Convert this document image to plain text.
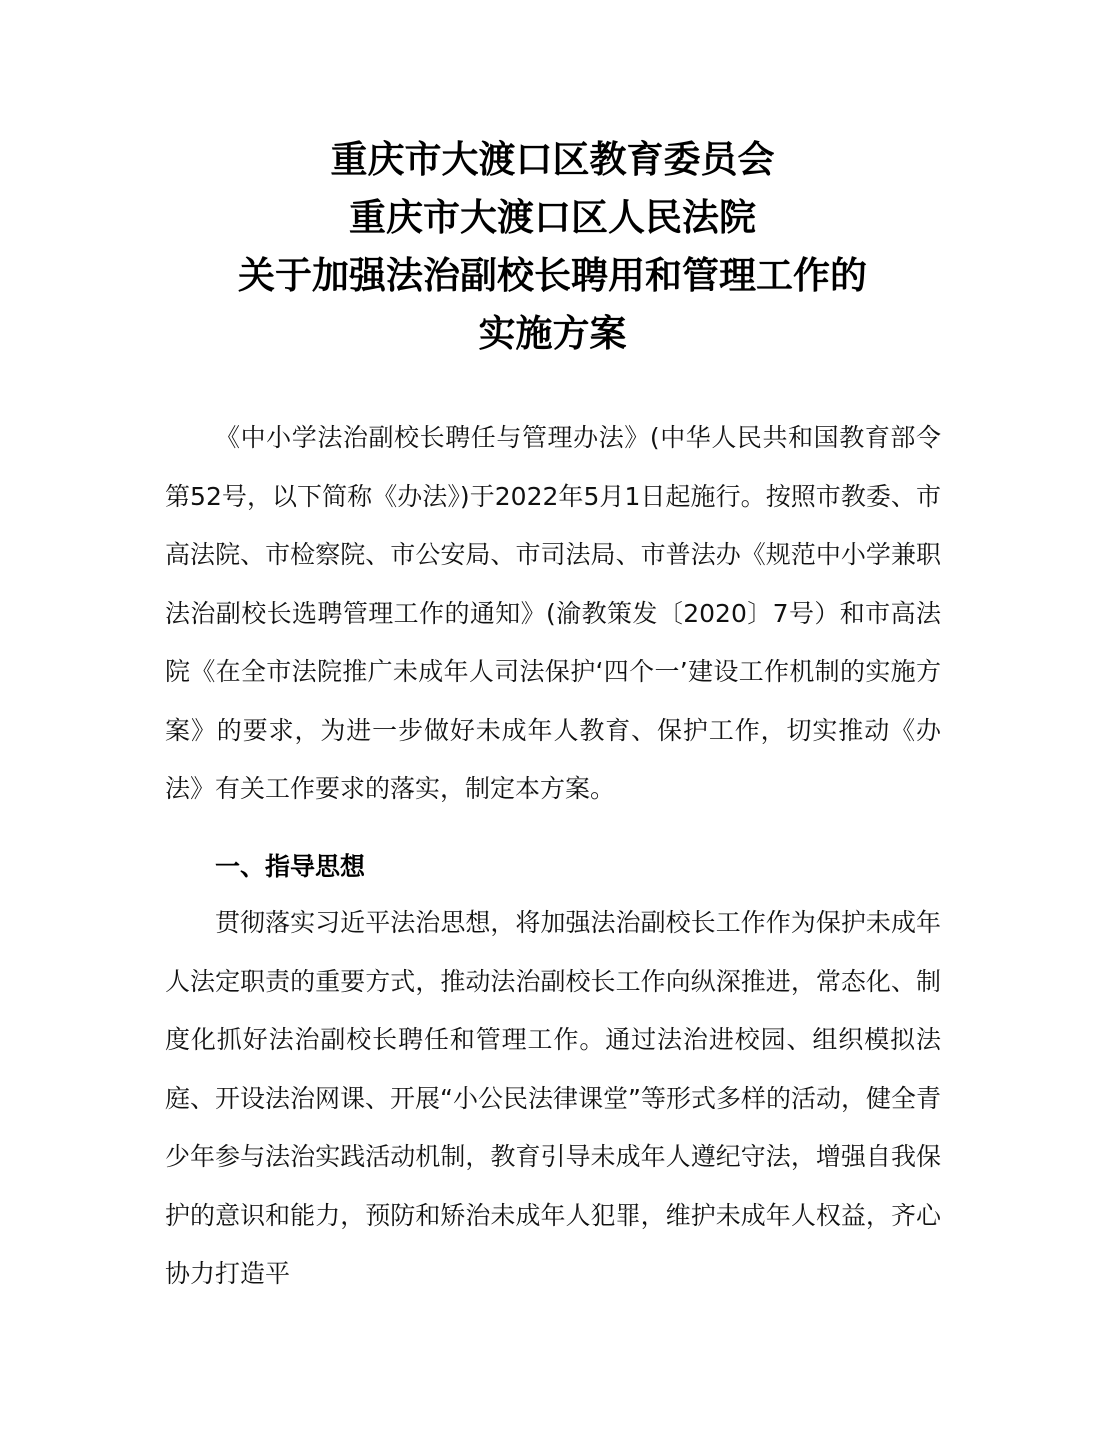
重庆市大渡口区教育委员会
重庆市大渡口区人民法院
关于加强法治副校长聘用和管理工作的
实施方案

《中小学法治副校长聘任与管理办法》(中华人民共和国教育部令第52号，以下简称《办法》)于2022年5月1日起施行。按照市教委、市高法院、市检察院、市公安局、市司法局、市普法办《规范中小学兼职法治副校长选聘管理工作的通知》(渝教策发〔2020〕7号）和市高法院《在全市法院推广未成年人司法保护‘四个一’建设工作机制的实施方案》的要求，为进一步做好未成年人教育、保护工作，切实推动《办法》有关工作要求的落实，制定本方案。

一、指导思想

贯彻落实习近平法治思想，将加强法治副校长工作作为保护未成年人法定职责的重要方式，推动法治副校长工作向纵深推进，常态化、制度化抓好法治副校长聘任和管理工作。通过法治进校园、组织模拟法庭、开设法治网课、开展“小公民法律课堂”等形式多样的活动，健全青少年参与法治实践活动机制，教育引导未成年人遵纪守法，增强自我保护的意识和能力，预防和矫治未成年人犯罪，维护未成年人权益，齐心协力打造平
